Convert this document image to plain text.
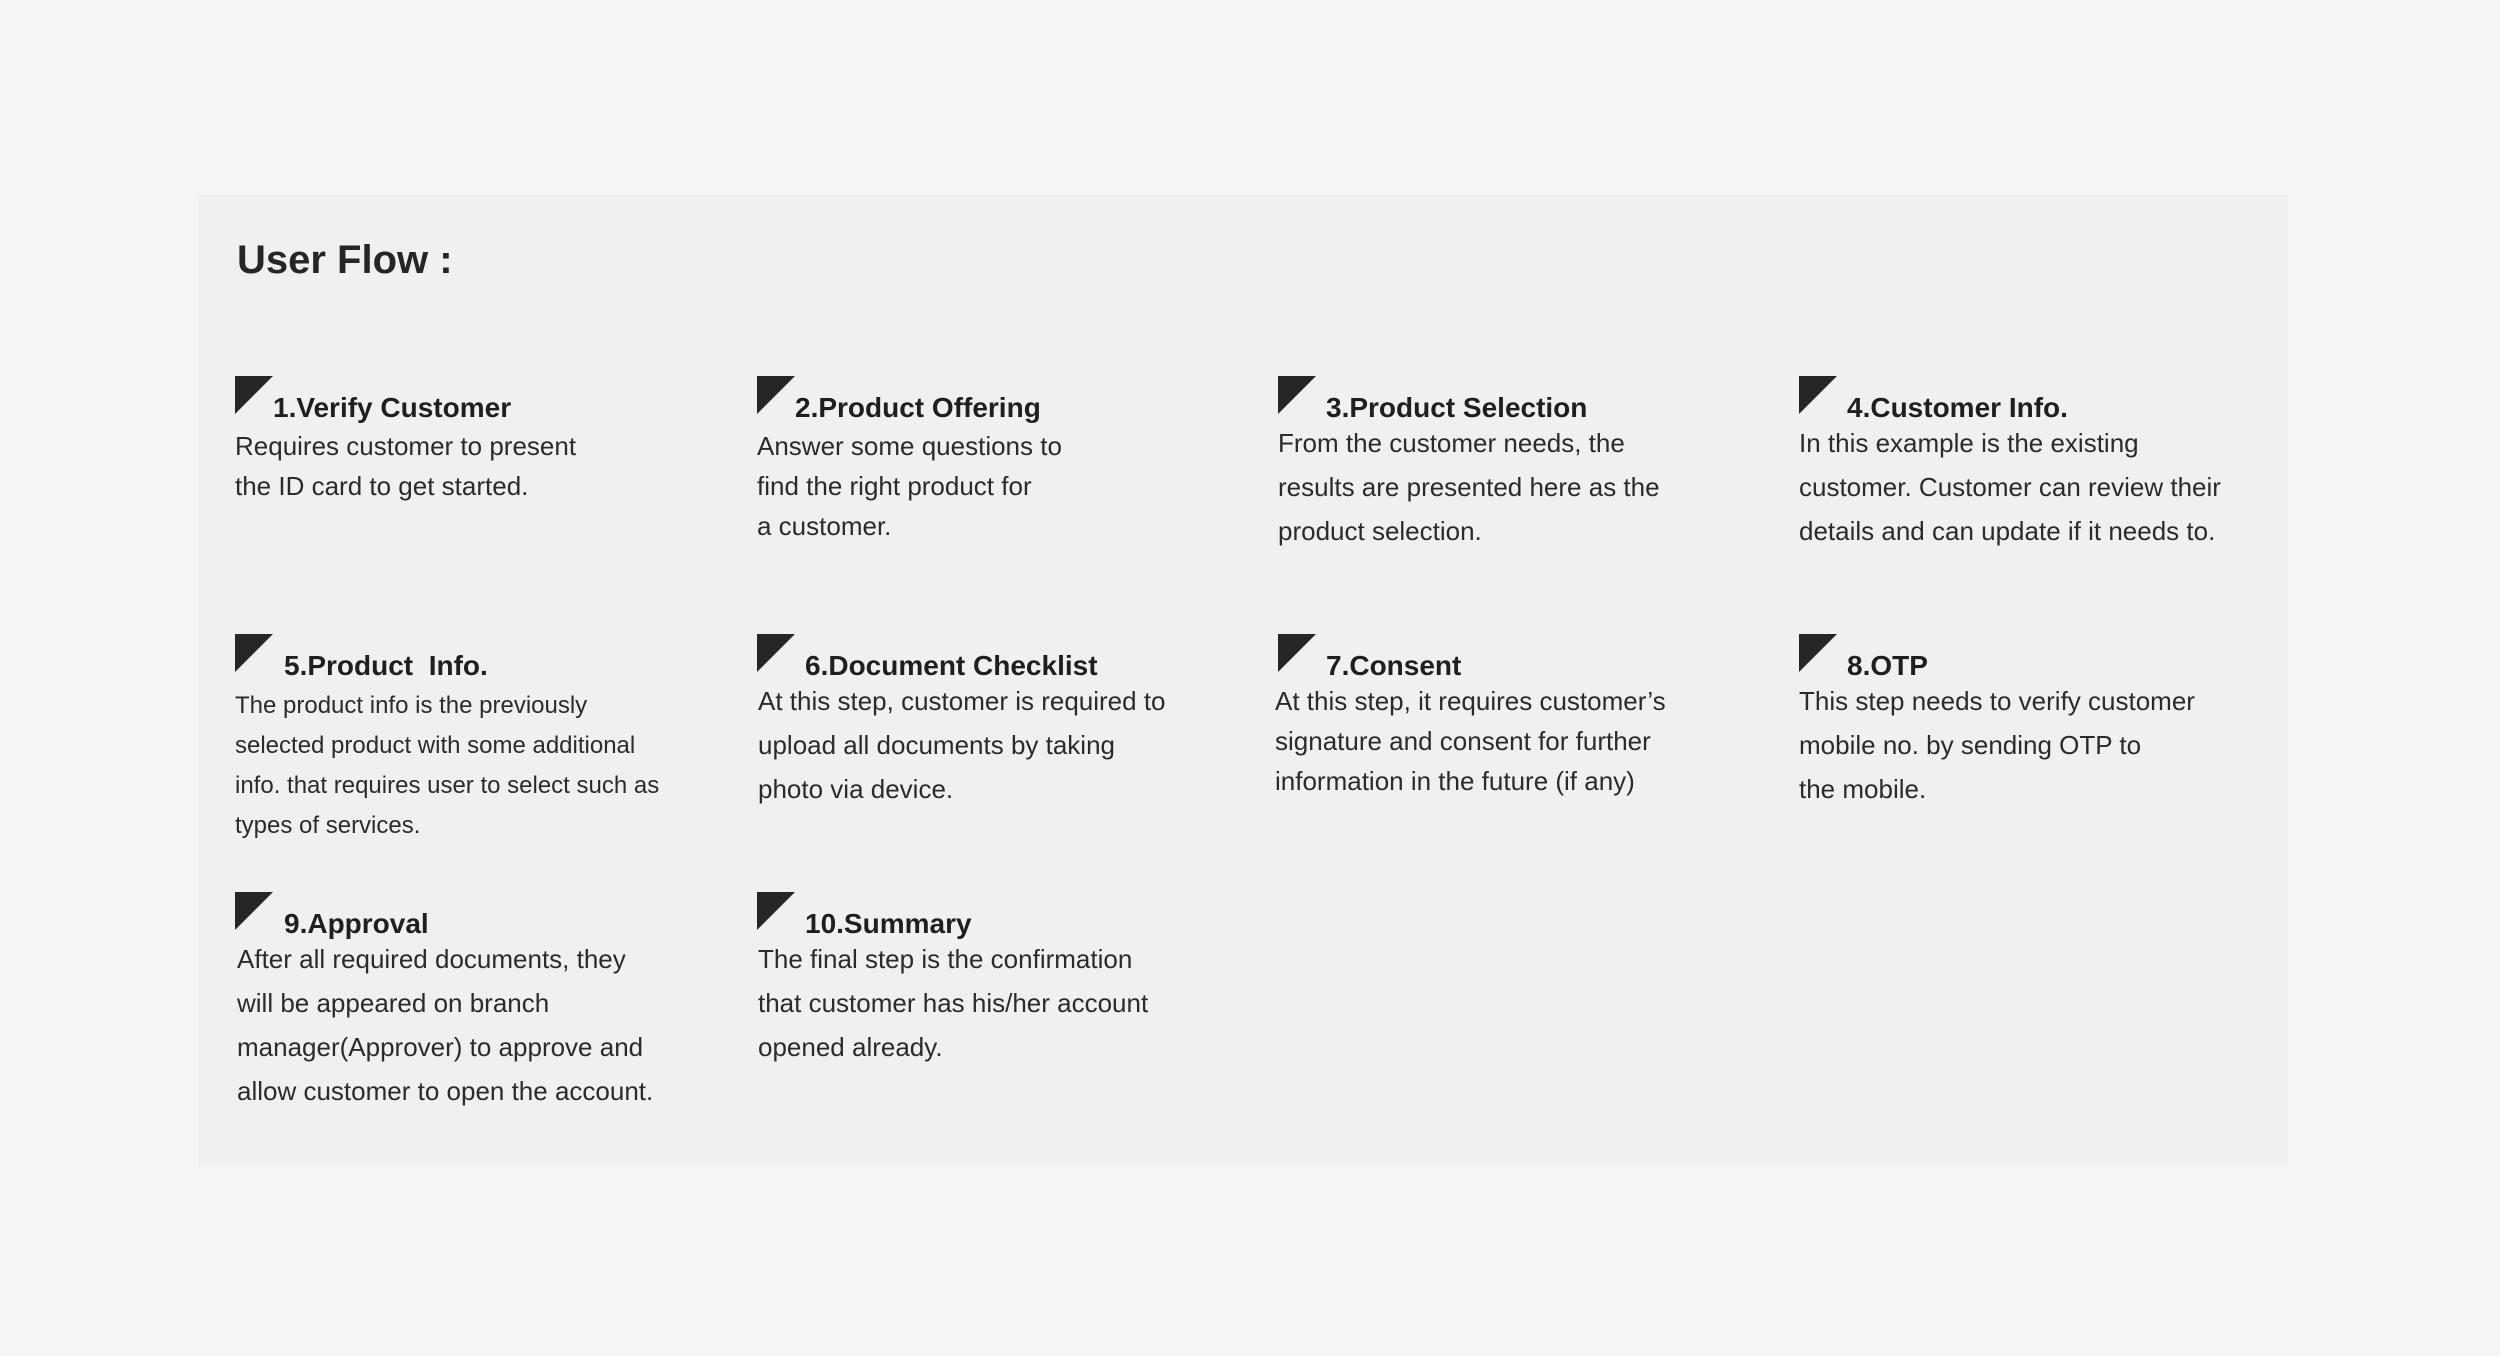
User Flow :
1.Verify Customer

Requires customer to present
the ID card to get started.

2.Product Offering

Answer some questions to
find the right product for
a customer.

3.Product Selection

From the customer needs, the
results are presented here as the
product selection.

4.Customer Info.

In this example is the existing
customer. Customer can review their
details and can update if it needs to.

5.Product  Info.

The product info is the previously
selected product with some additional
info. that requires user to select such as
types of services.

6.Document Checklist

At this step, customer is required to
upload all documents by taking
photo via device.

7.Consent

At this step, it requires customer’s
signature and consent for further
information in the future (if any)

8.OTP

This step needs to verify customer
mobile no. by sending OTP to
the mobile.

9.Approval

After all required documents, they
will be appeared on branch
manager(Approver) to approve and
allow customer to open the account.

10.Summary

The final step is the confirmation
that customer has his/her account
opened already.
